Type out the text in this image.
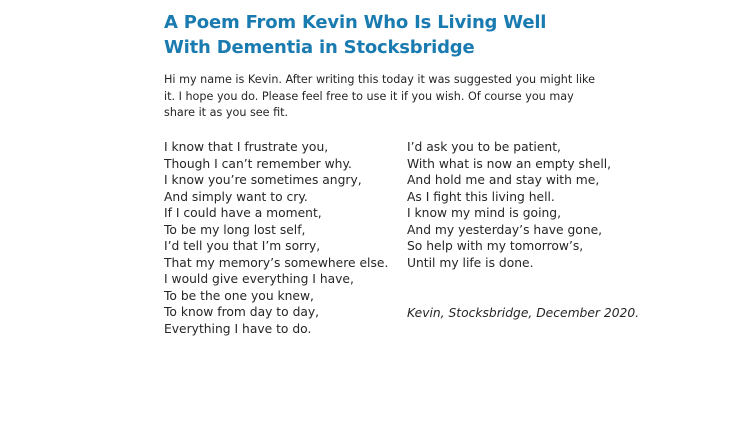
A Poem From Kevin Who Is Living Well With Dementia in Stocksbridge

Hi my name is Kevin. After writing this today it was suggested you might like it. I hope you do. Please feel free to use it if you wish. Of course you may share it as you see fit.

I know that I frustrate you,
Though I can’t remember why.
I know you’re sometimes angry,
And simply want to cry.
If I could have a moment,
To be my long lost self,
I’d tell you that I’m sorry,
That my memory’s somewhere else.
I would give everything I have,
To be the one you knew,
To know from day to day,
Everything I have to do.
I’d ask you to be patient,
With what is now an empty shell,
And hold me and stay with me,
As I fight this living hell.
I know my mind is going,
And my yesterday’s have gone,
So help with my tomorrow’s,
Until my life is done.

Kevin, Stocksbridge, December 2020.
